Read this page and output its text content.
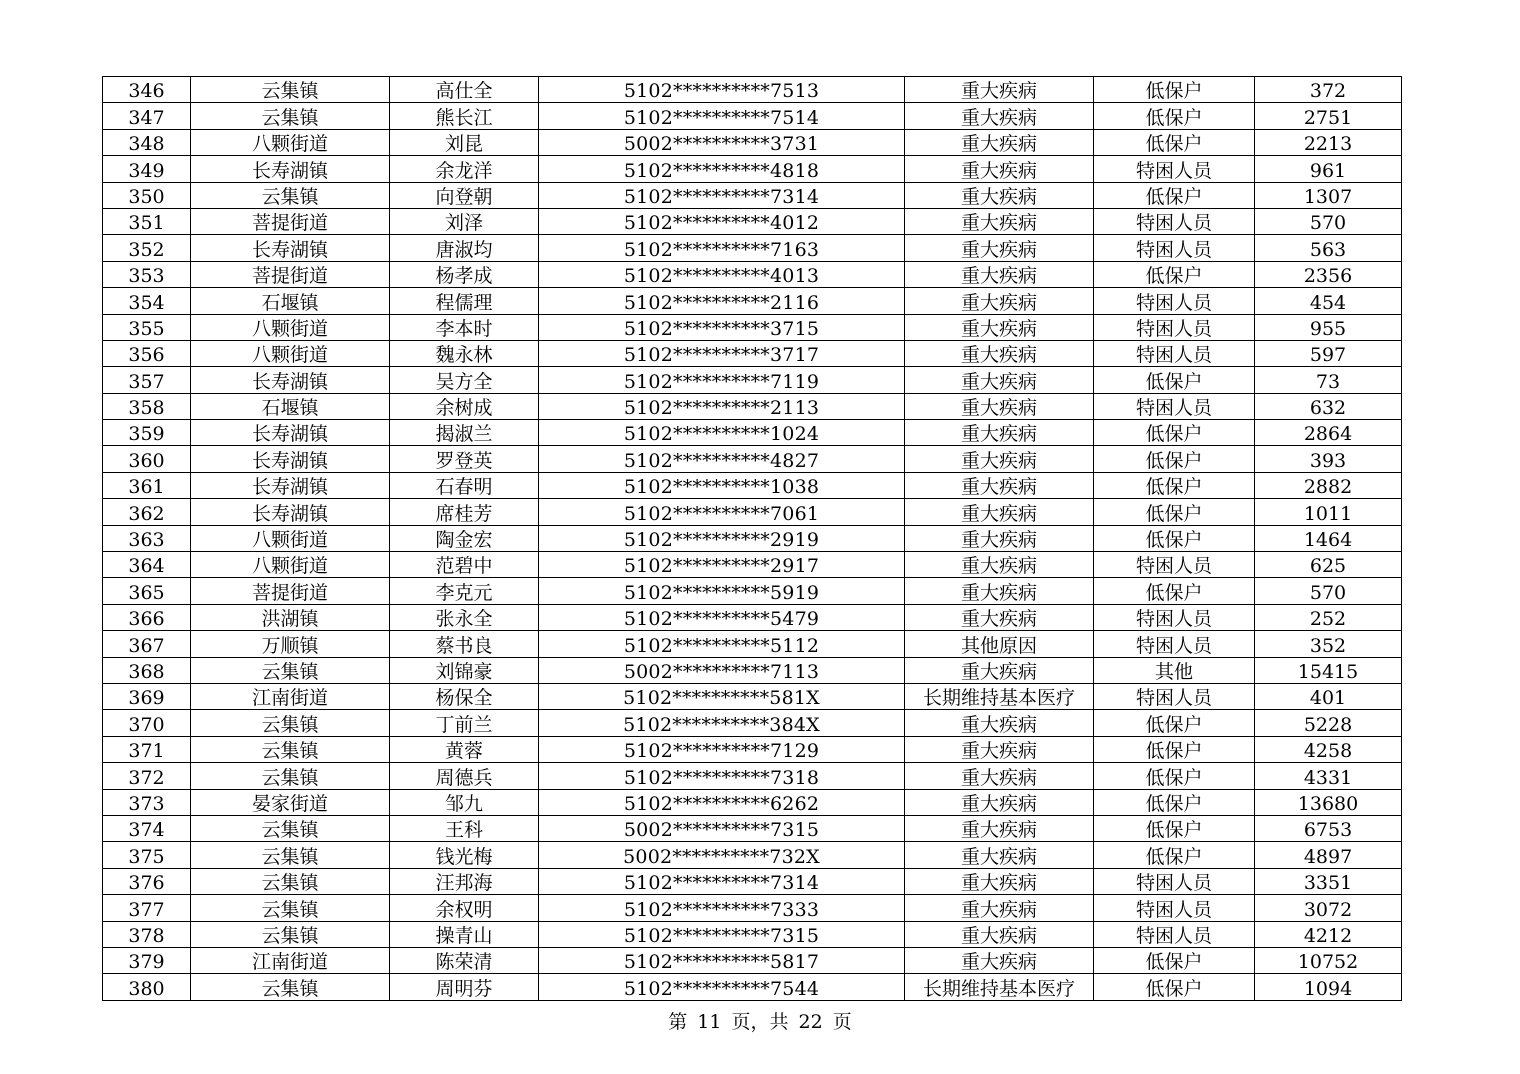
346	云集镇	高仕全	5102**********7513	重大疾病	低保户	372
347	云集镇	熊长江	5102**********7514	重大疾病	低保户	2751
348	八颗街道	刘昆	5002**********3731	重大疾病	低保户	2213
349	长寿湖镇	余龙洋	5102**********4818	重大疾病	特困人员	961
350	云集镇	向登朝	5102**********7314	重大疾病	低保户	1307
351	菩提街道	刘泽	5102**********4012	重大疾病	特困人员	570
352	长寿湖镇	唐淑均	5102**********7163	重大疾病	特困人员	563
353	菩提街道	杨孝成	5102**********4013	重大疾病	低保户	2356
354	石堰镇	程儒理	5102**********2116	重大疾病	特困人员	454
355	八颗街道	李本时	5102**********3715	重大疾病	特困人员	955
356	八颗街道	魏永林	5102**********3717	重大疾病	特困人员	597
357	长寿湖镇	吴方全	5102**********7119	重大疾病	低保户	73
358	石堰镇	余树成	5102**********2113	重大疾病	特困人员	632
359	长寿湖镇	揭淑兰	5102**********1024	重大疾病	低保户	2864
360	长寿湖镇	罗登英	5102**********4827	重大疾病	低保户	393
361	长寿湖镇	石春明	5102**********1038	重大疾病	低保户	2882
362	长寿湖镇	席桂芳	5102**********7061	重大疾病	低保户	1011
363	八颗街道	陶金宏	5102**********2919	重大疾病	低保户	1464
364	八颗街道	范碧中	5102**********2917	重大疾病	特困人员	625
365	菩提街道	李克元	5102**********5919	重大疾病	低保户	570
366	洪湖镇	张永全	5102**********5479	重大疾病	特困人员	252
367	万顺镇	蔡书良	5102**********5112	其他原因	特困人员	352
368	云集镇	刘锦豪	5002**********7113	重大疾病	其他	15415
369	江南街道	杨保全	5102**********581X	长期维持基本医疗	特困人员	401
370	云集镇	丁前兰	5102**********384X	重大疾病	低保户	5228
371	云集镇	黄蓉	5102**********7129	重大疾病	低保户	4258
372	云集镇	周德兵	5102**********7318	重大疾病	低保户	4331
373	晏家街道	邹九	5102**********6262	重大疾病	低保户	13680
374	云集镇	王科	5002**********7315	重大疾病	低保户	6753
375	云集镇	钱光梅	5002**********732X	重大疾病	低保户	4897
376	云集镇	汪邦海	5102**********7314	重大疾病	特困人员	3351
377	云集镇	余权明	5102**********7333	重大疾病	特困人员	3072
378	云集镇	操青山	5102**********7315	重大疾病	特困人员	4212
379	江南街道	陈荣清	5102**********5817	重大疾病	低保户	10752
380	云集镇	周明芬	5102**********7544	长期维持基本医疗	低保户	1094
第 11 页，共 22 页
